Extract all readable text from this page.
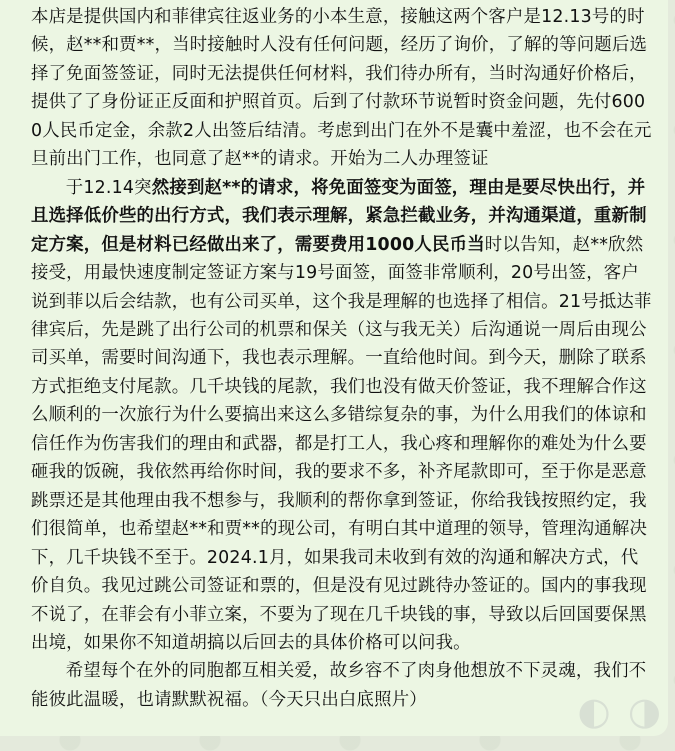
本店是提供国内和菲律宾往返业务的小本生意，接触这两个客户是12.13号的时候，赵**和贾**，当时接触时人没有任何问题，经历了询价，了解的等问题后选择了免面签签证，同时无法提供任何材料，我们待办所有，当时沟通好价格后，提供了了身份证正反面和护照首页。后到了付款环节说暂时资金问题，先付6000人民币定金，余款2人出签后结清。考虑到出门在外不是囊中羞涩，也不会在元旦前出门工作，也同意了赵**的请求。开始为二人办理签证

于12.14突然接到赵**的请求，将免面签变为面签，理由是要尽快出行，并且选择低价些的出行方式，我们表示理解，紧急拦截业务，并沟通渠道，重新制定方案，但是材料已经做出来了，需要费用1000人民币当时以告知，赵**欣然接受，用最快速度制定签证方案与19号面签，面签非常顺利，20号出签，客户说到菲以后会结款，也有公司买单，这个我是理解的也选择了相信。21号抵达菲律宾后，先是跳了出行公司的机票和保关（这与我无关）后沟通说一周后由现公司买单，需要时间沟通下，我也表示理解。一直给他时间。到今天，删除了联系方式拒绝支付尾款。几千块钱的尾款，我们也没有做天价签证，我不理解合作这么顺利的一次旅行为什么要搞出来这么多错综复杂的事，为什么用我们的体谅和信任作为伤害我们的理由和武器，都是打工人，我心疼和理解你的难处为什么要砸我的饭碗，我依然再给你时间，我的要求不多，补齐尾款即可，至于你是恶意跳票还是其他理由我不想参与，我顺利的帮你拿到签证，你给我钱按照约定，我们很简单，也希望赵**和贾**的现公司，有明白其中道理的领导，管理沟通解决下，几千块钱不至于。2024.1月，如果我司未收到有效的沟通和解决方式，代价自负。我见过跳公司签证和票的，但是没有见过跳待办签证的。国内的事我现不说了，在菲会有小菲立案，不要为了现在几千块钱的事，导致以后回国要保黑出境，如果你不知道胡搞以后回去的具体价格可以问我。

希望每个在外的同胞都互相关爱，故乡容不了肉身他想放不下灵魂，我们不能彼此温暖，也请默默祝福。（今天只出白底照片）	◐ ◑
